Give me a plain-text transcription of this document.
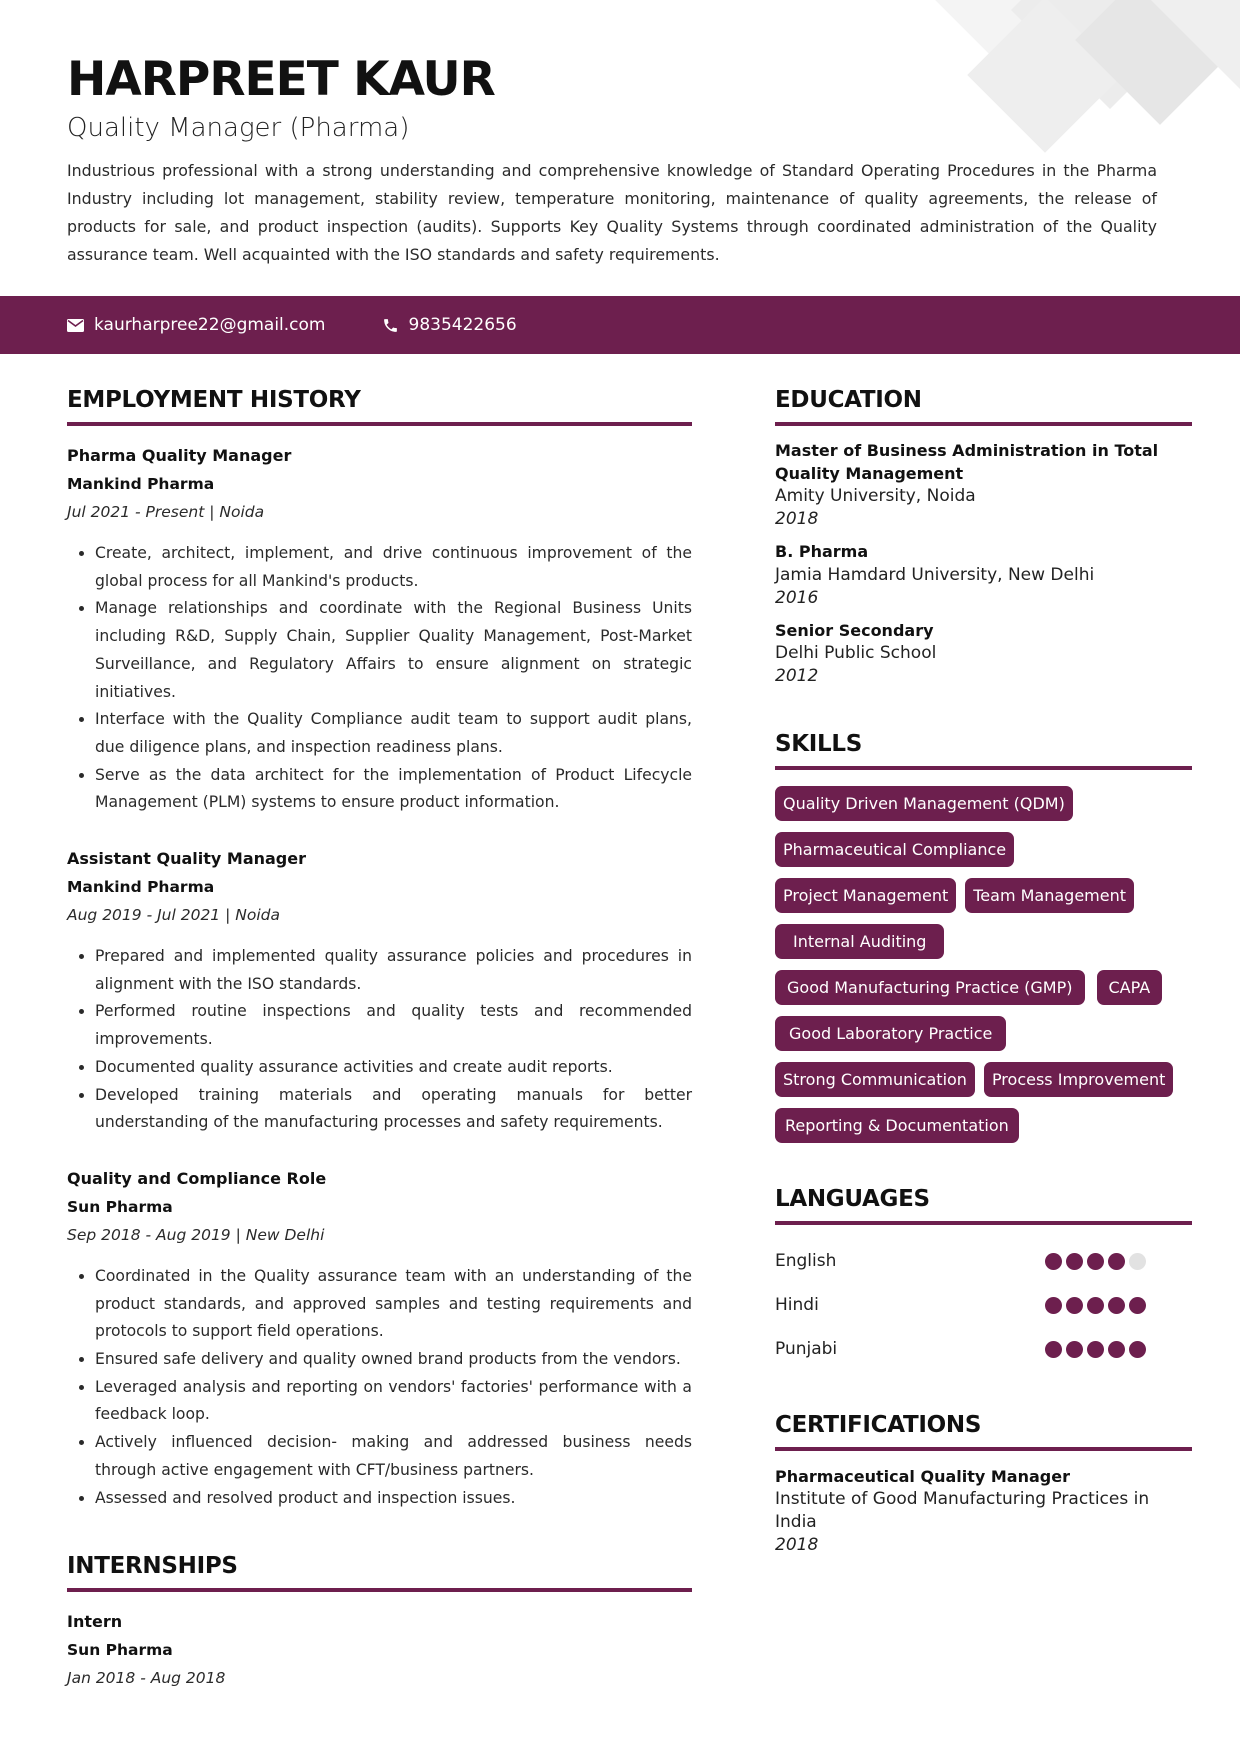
HARPREET KAUR
Quality Manager (Pharma)

Industrious professional with a strong understanding and comprehensive knowledge of Standard Operating Procedures in the Pharma Industry including lot management, stability review, temperature monitoring, maintenance of quality agreements, the release of products for sale, and product inspection (audits). Supports Key Quality Systems through coordinated administration of the Quality assurance team. Well acquainted with the ISO standards and safety requirements.

kaurharpree22@gmail.com	9835422656
EMPLOYMENT HISTORY
Pharma Quality Manager
Mankind Pharma
Jul 2021 - Present | Noida
• Create, architect, implement, and drive continuous improvement of the global process for all Mankind's products.
• Manage relationships and coordinate with the Regional Business Units including R&D, Supply Chain, Supplier Quality Management, Post-Market Surveillance, and Regulatory Affairs to ensure alignment on strategic initiatives.
• Interface with the Quality Compliance audit team to support audit plans, due diligence plans, and inspection readiness plans.
• Serve as the data architect for the implementation of Product Lifecycle Management (PLM) systems to ensure product information.
Assistant Quality Manager
Mankind Pharma
Aug 2019 - Jul 2021 | Noida
• Prepared and implemented quality assurance policies and procedures in alignment with the ISO standards.
• Performed routine inspections and quality tests and recommended improvements.
• Documented quality assurance activities and create audit reports.
• Developed training materials and operating manuals for better understanding of the manufacturing processes and safety requirements.
Quality and Compliance Role
Sun Pharma
Sep 2018 - Aug 2019 | New Delhi
• Coordinated in the Quality assurance team with an understanding of the product standards, and approved samples and testing requirements and protocols to support field operations.
• Ensured safe delivery and quality owned brand products from the vendors.
• Leveraged analysis and reporting on vendors' factories' performance with a feedback loop.
• Actively influenced decision- making and addressed business needs through active engagement with CFT/business partners.
• Assessed and resolved product and inspection issues.
INTERNSHIPS
Intern
Sun Pharma
Jan 2018 - Aug 2018
EDUCATION
Master of Business Administration in Total Quality Management
Amity University, Noida
2018
B. Pharma
Jamia Hamdard University, New Delhi
2016
Senior Secondary
Delhi Public School
2012
SKILLS
Quality Driven Management (QDM)
Pharmaceutical Compliance
Project Management	Team Management
Internal Auditing
Good Manufacturing Practice (GMP)	CAPA
Good Laboratory Practice
Strong Communication	Process Improvement
Reporting & Documentation
LANGUAGES
English
Hindi
Punjabi
CERTIFICATIONS
Pharmaceutical Quality Manager
Institute of Good Manufacturing Practices in India
2018
